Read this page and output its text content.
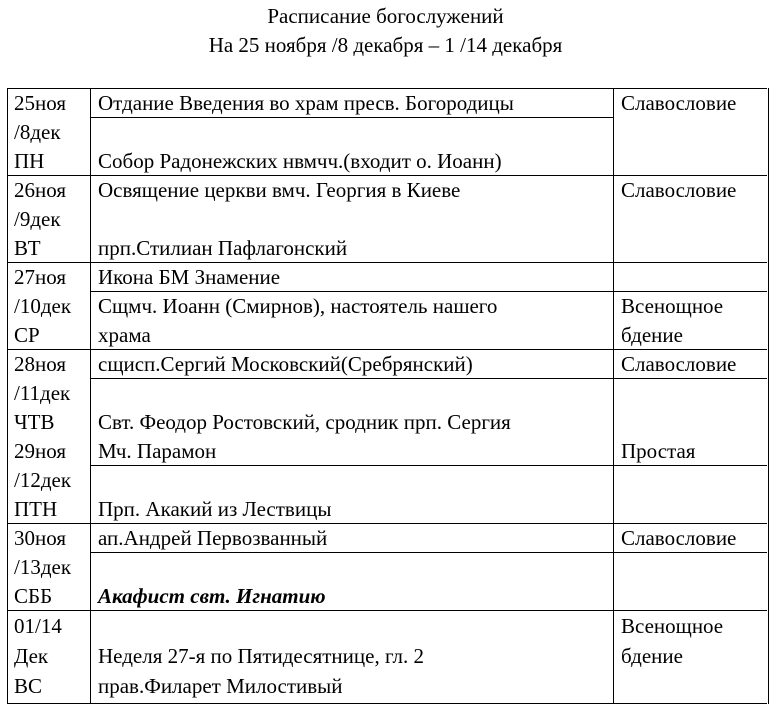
Расписание богослужений
На 25 ноября /8 декабря – 1 /14 декабря
25ноя
/8дек
ПН
26ноя
/9дек
ВТ
27ноя
/10дек
СР
28ноя
/11дек
ЧТВ
29ноя
/12дек
ПТН
30ноя
/13дек
СББ
01/14
Дек
ВС
Отдание Введения во храм пресв. Богородицы
Собор Радонежских нвмчч.(входит о. Иоанн)
Освящение церкви вмч. Георгия в Киеве
прп.Стилиан Пафлагонский
Икона БМ Знамение
Сщмч. Иоанн (Смирнов), настоятель нашего
храма
сщисп.Сергий Московский(Сребрянский)
Свт. Феодор Ростовский, сродник прп. Сергия
Мч. Парамон
Прп. Акакий из Лествицы
ап.Андрей Первозванный
Акафист свт. Игнатию
Неделя 27-я по Пятидесятнице, гл. 2
прав.Филарет Милостивый
Славословие
Славословие
Всенощное
бдение
Славословие
Простая
Славословие
Всенощное
бдение
